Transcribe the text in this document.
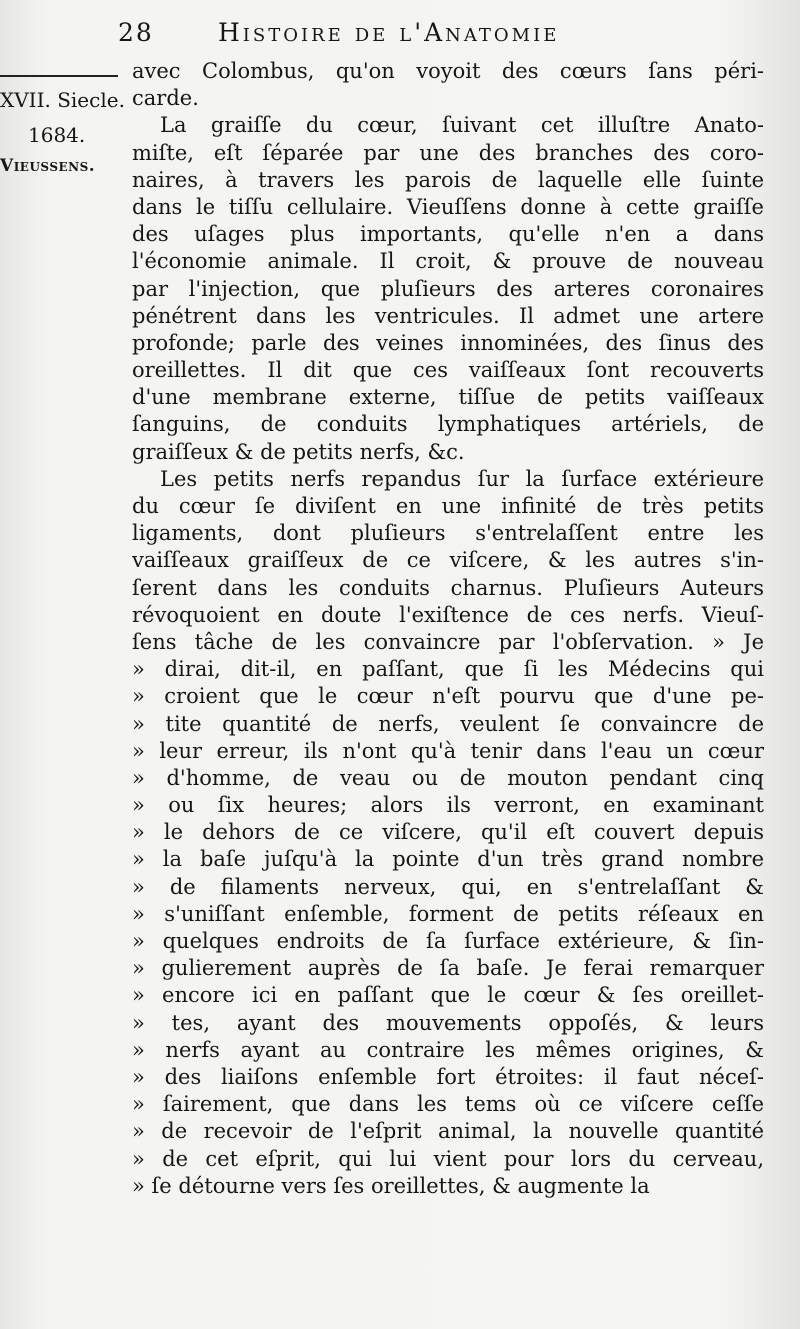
28	Histoire de l'Anatomie
XVII. Siecle.
1684.
Vieussens.
avec Colombus, qu'on voyoit des cœurs ſans péri-
carde.
La graiſſe du cœur, ſuivant cet illuſtre Anato-
miſte, eſt ſéparée par une des branches des coro-
naires, à travers les parois de laquelle elle ſuinte
dans le tiſſu cellulaire. Vieuſſens donne à cette graiſſe
des uſages plus importants, qu'elle n'en a dans
l'économie animale. Il croit, & prouve de nouveau
par l'injection, que pluſieurs des arteres coronaires
pénétrent dans les ventricules. Il admet une artere
profonde; parle des veines innominées, des ſinus des
oreillettes. Il dit que ces vaiſſeaux ſont recouverts
d'une membrane externe, tiſſue de petits vaiſſeaux
ſanguins, de conduits lymphatiques artériels, de
graiſſeux & de petits nerfs, &c.
Les petits nerfs repandus ſur la ſurface extérieure
du cœur ſe diviſent en une infinité de très petits
ligaments, dont pluſieurs s'entrelaſſent entre les
vaiſſeaux graiſſeux de ce viſcere, & les autres s'in-
ſerent dans les conduits charnus. Pluſieurs Auteurs
révoquoient en doute l'exiſtence de ces nerfs. Vieuſ-
ſens tâche de les convaincre par l'obſervation. » Je
» dirai, dit-il, en paſſant, que ſi les Médecins qui
» croient que le cœur n'eſt pourvu que d'une pe-
» tite quantité de nerfs, veulent ſe convaincre de
» leur erreur, ils n'ont qu'à tenir dans l'eau un cœur
» d'homme, de veau ou de mouton pendant cinq
» ou ſix heures; alors ils verront, en examinant
» le dehors de ce viſcere, qu'il eſt couvert depuis
» la baſe juſqu'à la pointe d'un très grand nombre
» de filaments nerveux, qui, en s'entrelaſſant &
» s'uniſſant enſemble, forment de petits réſeaux en
» quelques endroits de ſa ſurface extérieure, & ſin-
» gulierement auprès de ſa baſe. Je ferai remarquer
» encore ici en paſſant que le cœur & ſes oreillet-
» tes, ayant des mouvements oppoſés, & leurs
» nerfs ayant au contraire les mêmes origines, &
» des liaiſons enſemble fort étroites: il faut néceſ-
» ſairement, que dans les tems où ce viſcere ceſſe
» de recevoir de l'eſprit animal, la nouvelle quantité
» de cet eſprit, qui lui vient pour lors du cerveau,
» ſe détourne vers ſes oreillettes, & augmente la
